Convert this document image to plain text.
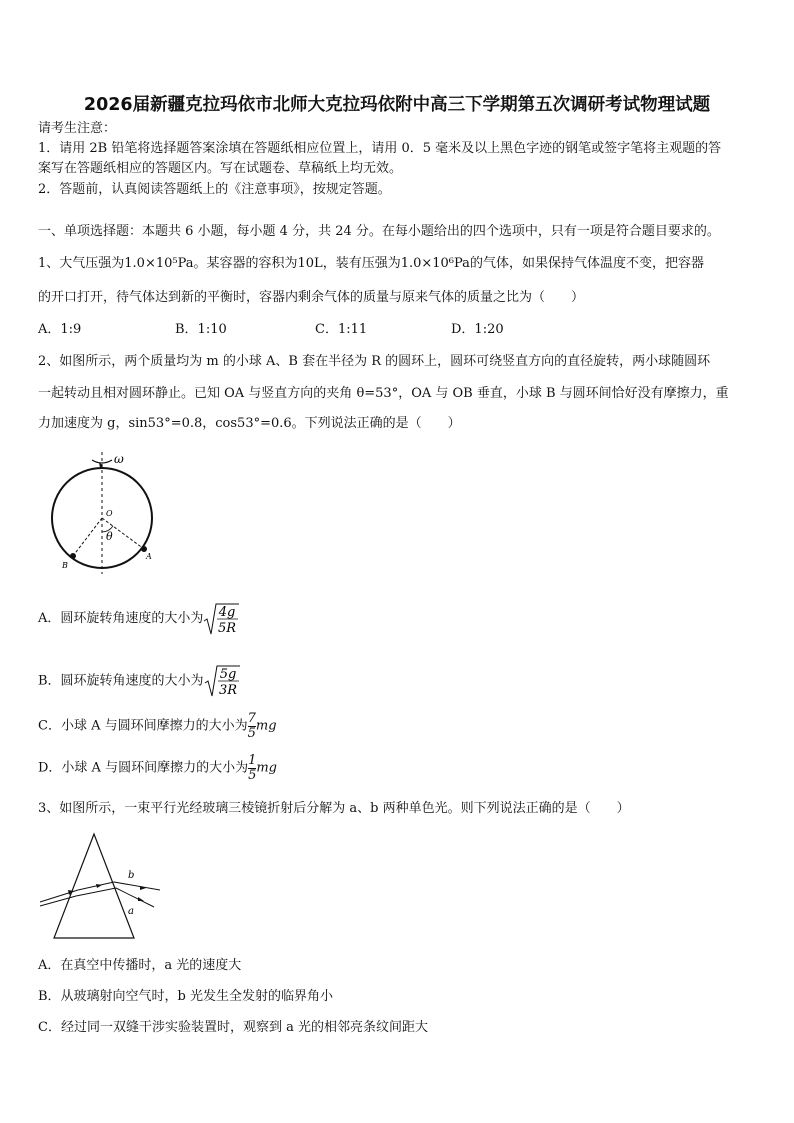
2026届新疆克拉玛依市北师大克拉玛依附中高三下学期第五次调研考试物理试题
请考生注意：
1．请用 2B 铅笔将选择题答案涂填在答题纸相应位置上，请用 0．5 毫米及以上黑色字迹的钢笔或签字笔将主观题的答
案写在答题纸相应的答题区内。写在试题卷、草稿纸上均无效。
2．答题前，认真阅读答题纸上的《注意事项》，按规定答题。
一、单项选择题：本题共 6 小题，每小题 4 分，共 24 分。在每小题给出的四个选项中，只有一项是符合题目要求的。
1、大气压强为1.0×10⁵Pa。某容器的容积为10L，装有压强为1.0×10⁶Pa的气体，如果保持气体温度不变，把容器
的开口打开，待气体达到新的平衡时，容器内剩余气体的质量与原来气体的质量之比为（　　）
A．1:9	B．1:10	C．1:11	D．1:20
2、如图所示，两个质量均为 m 的小球 A、B 套在半径为 R 的圆环上，圆环可绕竖直方向的直径旋转，两小球随圆环
一起转动且相对圆环静止。已知 OA 与竖直方向的夹角 θ=53°，OA 与 OB 垂直，小球 B 与圆环间恰好没有摩擦力，重
力加速度为 g，sin53°=0.8，cos53°=0.6。下列说法正确的是（　　）
ω
θ
O
A
B
A．圆环旋转角速度的大小为 4g
5R
B．圆环旋转角速度的大小为 5g
3R
C．小球 A 与圆环间摩擦力的大小为 $\frac{7}{5}$ mg
D．小球 A 与圆环间摩擦力的大小为 $\frac{1}{5}$ mg
3、如图所示，一束平行光经玻璃三棱镜折射后分解为 a、b 两种单色光。则下列说法正确的是（　　）
b
a
A．在真空中传播时，a 光的速度大
B．从玻璃射向空气时，b 光发生全发射的临界角小
C．经过同一双缝干涉实验装置时，观察到 a 光的相邻亮条纹间距大
